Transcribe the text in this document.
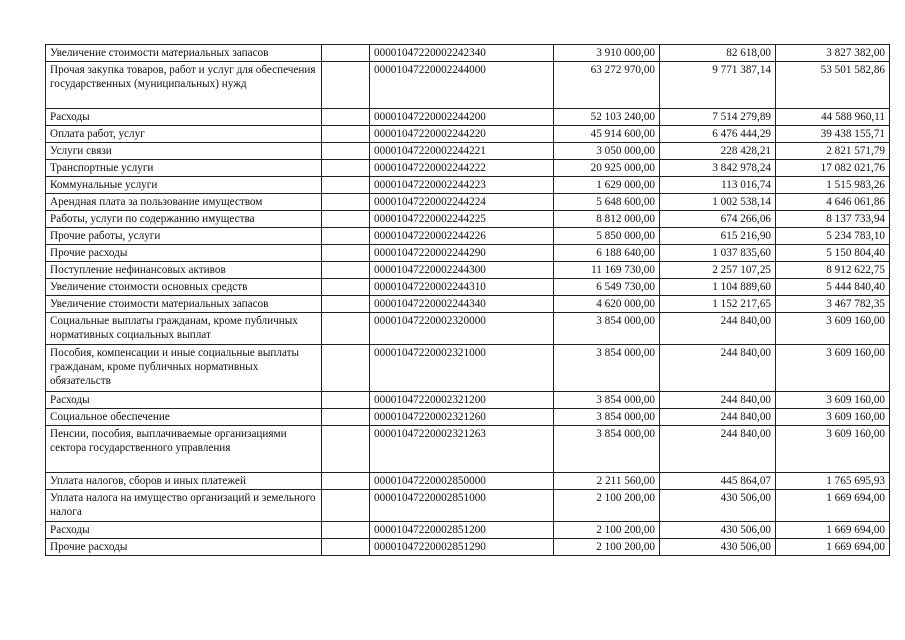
Увеличение стоимости материальных запасов		00001047220002242340	3 910 000,00	82 618,00	3 827 382,00
Прочая закупка товаров, работ и услуг для обеспечения государственных (муниципальных) нужд		00001047220002244000	63 272 970,00	9 771 387,14	53 501 582,86
Расходы		00001047220002244200	52 103 240,00	7 514 279,89	44 588 960,11
Оплата работ, услуг		00001047220002244220	45 914 600,00	6 476 444,29	39 438 155,71
Услуги связи		00001047220002244221	3 050 000,00	228 428,21	2 821 571,79
Транспортные услуги		00001047220002244222	20 925 000,00	3 842 978,24	17 082 021,76
Коммунальные услуги		00001047220002244223	1 629 000,00	113 016,74	1 515 983,26
Арендная плата за пользование имуществом		00001047220002244224	5 648 600,00	1 002 538,14	4 646 061,86
Работы, услуги по содержанию имущества		00001047220002244225	8 812 000,00	674 266,06	8 137 733,94
Прочие работы, услуги		00001047220002244226	5 850 000,00	615 216,90	5 234 783,10
Прочие расходы		00001047220002244290	6 188 640,00	1 037 835,60	5 150 804,40
Поступление нефинансовых активов		00001047220002244300	11 169 730,00	2 257 107,25	8 912 622,75
Увеличение стоимости основных средств		00001047220002244310	6 549 730,00	1 104 889,60	5 444 840,40
Увеличение стоимости материальных запасов		00001047220002244340	4 620 000,00	1 152 217,65	3 467 782,35
Социальные выплаты гражданам, кроме публичных нормативных социальных выплат		00001047220002320000	3 854 000,00	244 840,00	3 609 160,00
Пособия, компенсации и иные социальные выплаты гражданам, кроме публичных нормативных обязательств		00001047220002321000	3 854 000,00	244 840,00	3 609 160,00
Расходы		00001047220002321200	3 854 000,00	244 840,00	3 609 160,00
Социальное обеспечение		00001047220002321260	3 854 000,00	244 840,00	3 609 160,00
Пенсии, пособия, выплачиваемые организациями сектора государственного управления		00001047220002321263	3 854 000,00	244 840,00	3 609 160,00
Уплата налогов, сборов и иных платежей		00001047220002850000	2 211 560,00	445 864,07	1 765 695,93
Уплата налога на имущество организаций и земельного налога		00001047220002851000	2 100 200,00	430 506,00	1 669 694,00
Расходы		00001047220002851200	2 100 200,00	430 506,00	1 669 694,00
Прочие расходы		00001047220002851290	2 100 200,00	430 506,00	1 669 694,00
